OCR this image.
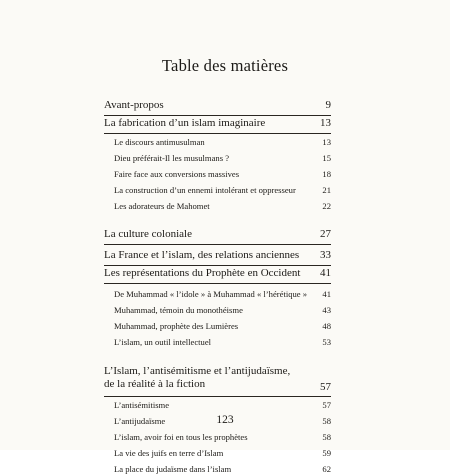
Table des matières
Avant-propos	9
La fabrication d’un islam imaginaire	13
Le discours antimusulman	13
Dieu préférait-Il les musulmans ?	15
Faire face aux conversions massives	18
La construction d’un ennemi intolérant et oppresseur	21
Les adorateurs de Mahomet	22
La culture coloniale	27
La France et l’islam, des relations anciennes	33
Les représentations du Prophète en Occident	41
De Muhammad « l’idole » à Muhammad « l’hérétique »	41
Muhammad, témoin du monothéisme	43
Muhammad, prophète des Lumières	48
L’islam, un outil intellectuel	53
L’Islam, l’antisémitisme et l’antijudaïsme, de la réalité à la fiction	57
L’antisémitisme	57
L’antijudaïsme	58
L’islam, avoir foi en tous les prophètes	58
La vie des juifs en terre d’Islam	59
La place du judaïsme dans l’islam	62
123
